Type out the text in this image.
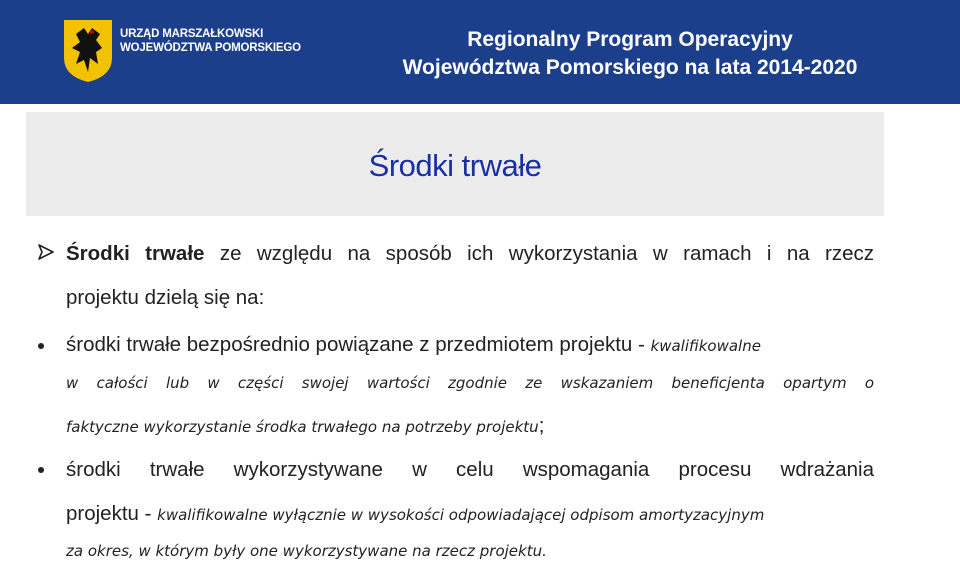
URZĄD MARSZAŁKOWSKI
WOJEWÓDZTWA POMORSKIEGO	Regionalny Program Operacyjny
Województwa Pomorskiego na lata 2014-2020
Środki trwałe
Środki trwałe ze względu na sposób ich wykorzystania w ramach i na rzecz
projektu dzielą się na:
środki trwałe bezpośrednio powiązane z przedmiotem projektu - kwalifikowalne
w całości lub w części swojej wartości zgodnie ze wskazaniem beneficjenta opartym o
faktyczne wykorzystanie środka trwałego na potrzeby projektu;
środki trwałe wykorzystywane w celu wspomagania procesu wdrażania
projektu - kwalifikowalne wyłącznie w wysokości odpowiadającej odpisom amortyzacyjnym
za okres, w którym były one wykorzystywane na rzecz projektu.
